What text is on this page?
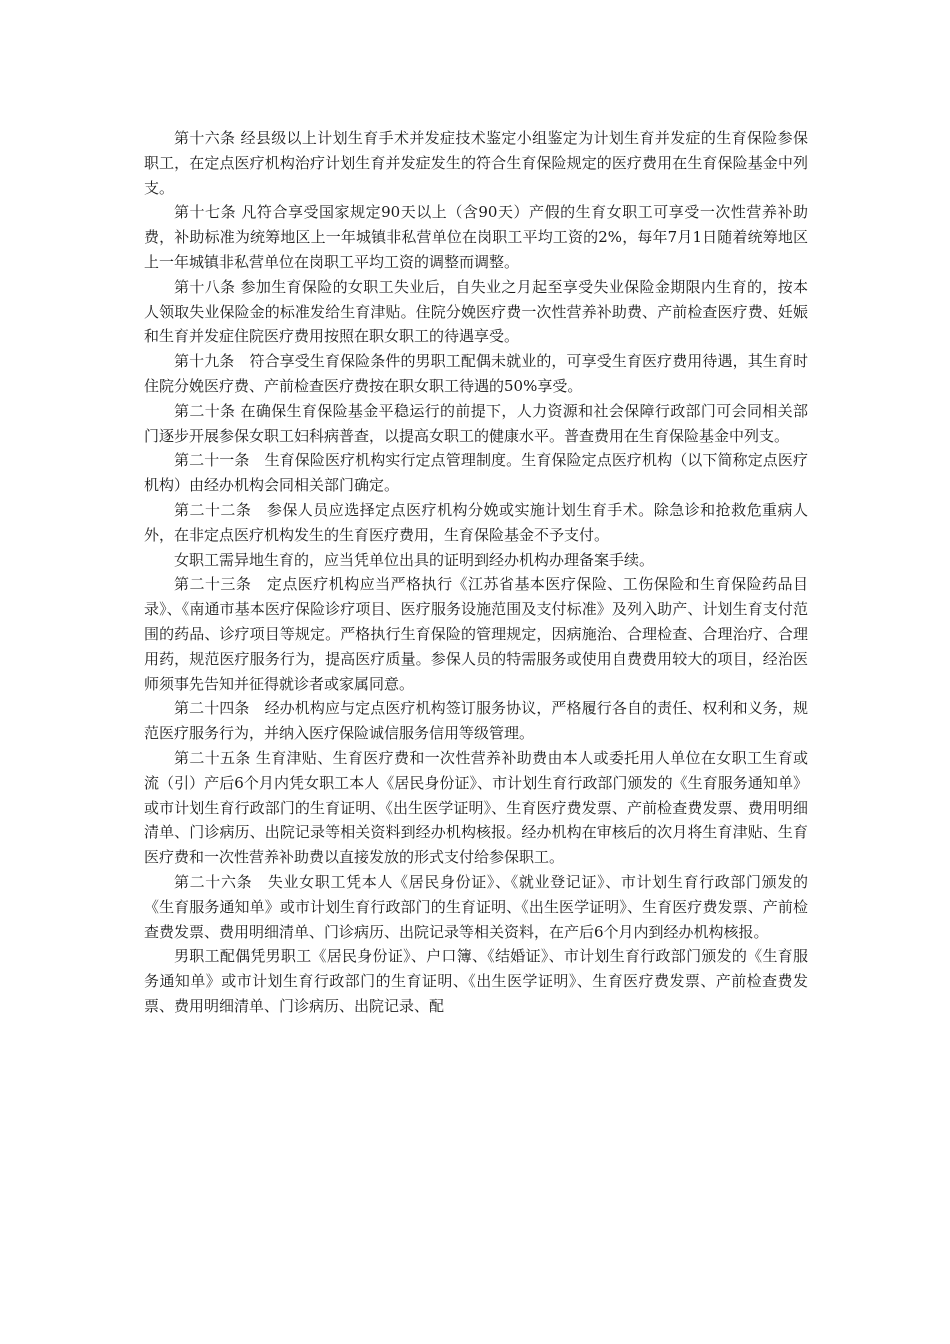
第十六条 经县级以上计划生育手术并发症技术鉴定小组鉴定为计划生育并发症的生育保险参保职工，在定点医疗机构治疗计划生育并发症发生的符合生育保险规定的医疗费用在生育保险基金中列支。

第十七条 凡符合享受国家规定90天以上（含90天）产假的生育女职工可享受一次性营养补助费，补助标准为统筹地区上一年城镇非私营单位在岗职工平均工资的2%，每年7月1日随着统筹地区上一年城镇非私营单位在岗职工平均工资的调整而调整。

第十八条 参加生育保险的女职工失业后，自失业之月起至享受失业保险金期限内生育的，按本人领取失业保险金的标准发给生育津贴。住院分娩医疗费一次性营养补助费、产前检查医疗费、妊娠和生育并发症住院医疗费用按照在职女职工的待遇享受。

第十九条　符合享受生育保险条件的男职工配偶未就业的，可享受生育医疗费用待遇，其生育时住院分娩医疗费、产前检查医疗费按在职女职工待遇的50%享受。

第二十条 在确保生育保险基金平稳运行的前提下，人力资源和社会保障行政部门可会同相关部门逐步开展参保女职工妇科病普查，以提高女职工的健康水平。普查费用在生育保险基金中列支。

第二十一条　生育保险医疗机构实行定点管理制度。生育保险定点医疗机构（以下简称定点医疗机构）由经办机构会同相关部门确定。

第二十二条　参保人员应选择定点医疗机构分娩或实施计划生育手术。除急诊和抢救危重病人外，在非定点医疗机构发生的生育医疗费用，生育保险基金不予支付。

女职工需异地生育的，应当凭单位出具的证明到经办机构办理备案手续。

第二十三条　定点医疗机构应当严格执行《江苏省基本医疗保险、工伤保险和生育保险药品目录》、《南通市基本医疗保险诊疗项目、医疗服务设施范围及支付标准》及列入助产、计划生育支付范围的药品、诊疗项目等规定。严格执行生育保险的管理规定，因病施治、合理检查、合理治疗、合理用药，规范医疗服务行为，提高医疗质量。参保人员的特需服务或使用自费费用较大的项目，经治医师须事先告知并征得就诊者或家属同意。

第二十四条　经办机构应与定点医疗机构签订服务协议，严格履行各自的责任、权利和义务，规范医疗服务行为，并纳入医疗保险诚信服务信用等级管理。

第二十五条 生育津贴、生育医疗费和一次性营养补助费由本人或委托用人单位在女职工生育或流（引）产后6个月内凭女职工本人《居民身份证》、市计划生育行政部门颁发的《生育服务通知单》或市计划生育行政部门的生育证明、《出生医学证明》、生育医疗费发票、产前检查费发票、费用明细清单、门诊病历、出院记录等相关资料到经办机构核报。经办机构在审核后的次月将生育津贴、生育医疗费和一次性营养补助费以直接发放的形式支付给参保职工。

第二十六条　失业女职工凭本人《居民身份证》、《就业登记证》、市计划生育行政部门颁发的《生育服务通知单》或市计划生育行政部门的生育证明、《出生医学证明》、生育医疗费发票、产前检查费发票、费用明细清单、门诊病历、出院记录等相关资料，在产后6个月内到经办机构核报。

男职工配偶凭男职工《居民身份证》、户口簿、《结婚证》、市计划生育行政部门颁发的《生育服务通知单》或市计划生育行政部门的生育证明、《出生医学证明》、生育医疗费发票、产前检查费发票、费用明细清单、门诊病历、出院记录、配
